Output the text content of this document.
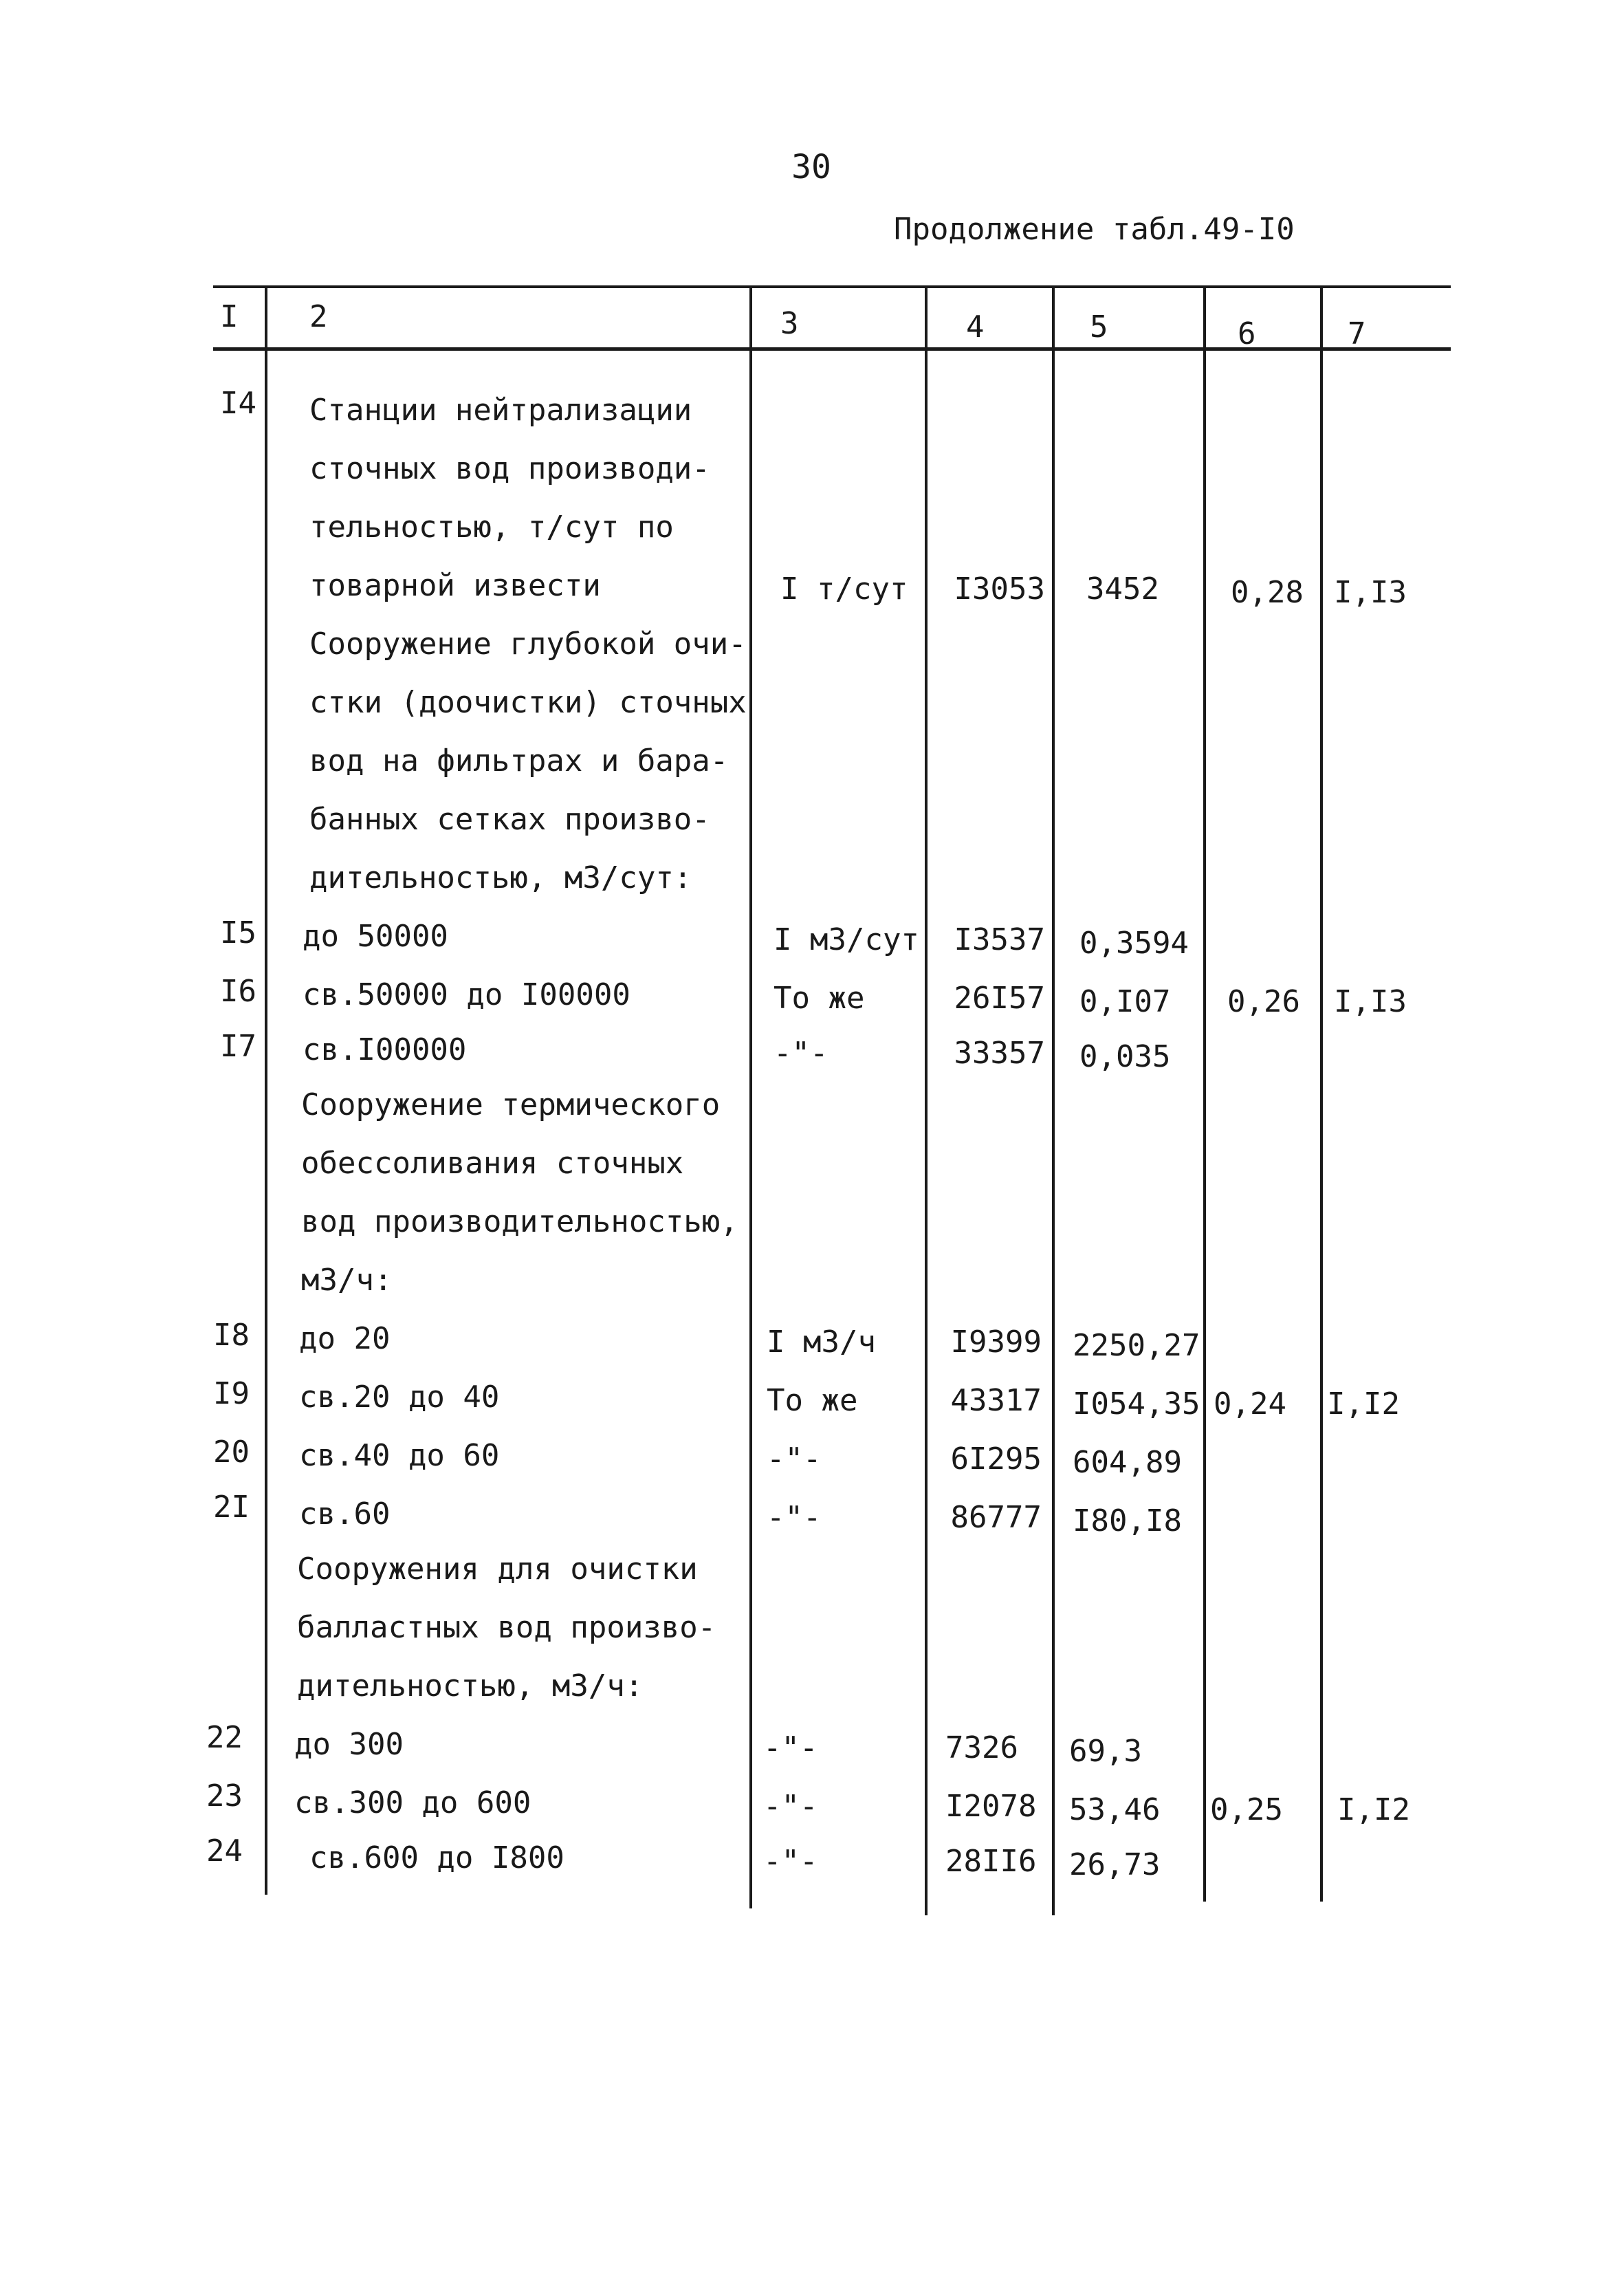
30
Продолжение табл.49-I0
I 2	3	4	5	6	7
I4 Станции нейтрализации
сточных вод производи-
тельностью, т/сут по
товарной извести	I т/сут	I3053 3452 0,28 I,I3
Сооружение глубокой очи-
стки (доочистки) сточных
вод на фильтрах и бара-
банных сетках произво-
дительностью, м3/сут:
I5 до 50000	I м3/сут	I3537 0,3594
I6 св.50000 до I00000	То же	26I57 0,I07 0,26 I,I3
I7 св.I00000	-"-	33357 0,035
Сооружение термического
обессоливания сточных
вод производительностью,
м3/ч:
I8 до 20	I м3/ч	I9399 2250,27
I9 св.20 до 40	То же	43317 I054,35 0,24 I,I2
20 св.40 до 60	-"-	6I295 604,89
2I св.60	-"-	86777 I80,I8
Сооружения для очистки
балластных вод произво-
дительностью, м3/ч:
22 до 300	-"-	7326 69,3
23 св.300 до 600	-"-	I2078 53,46 0,25 I,I2
24 св.600 до I800	-"-	28II6 26,73
